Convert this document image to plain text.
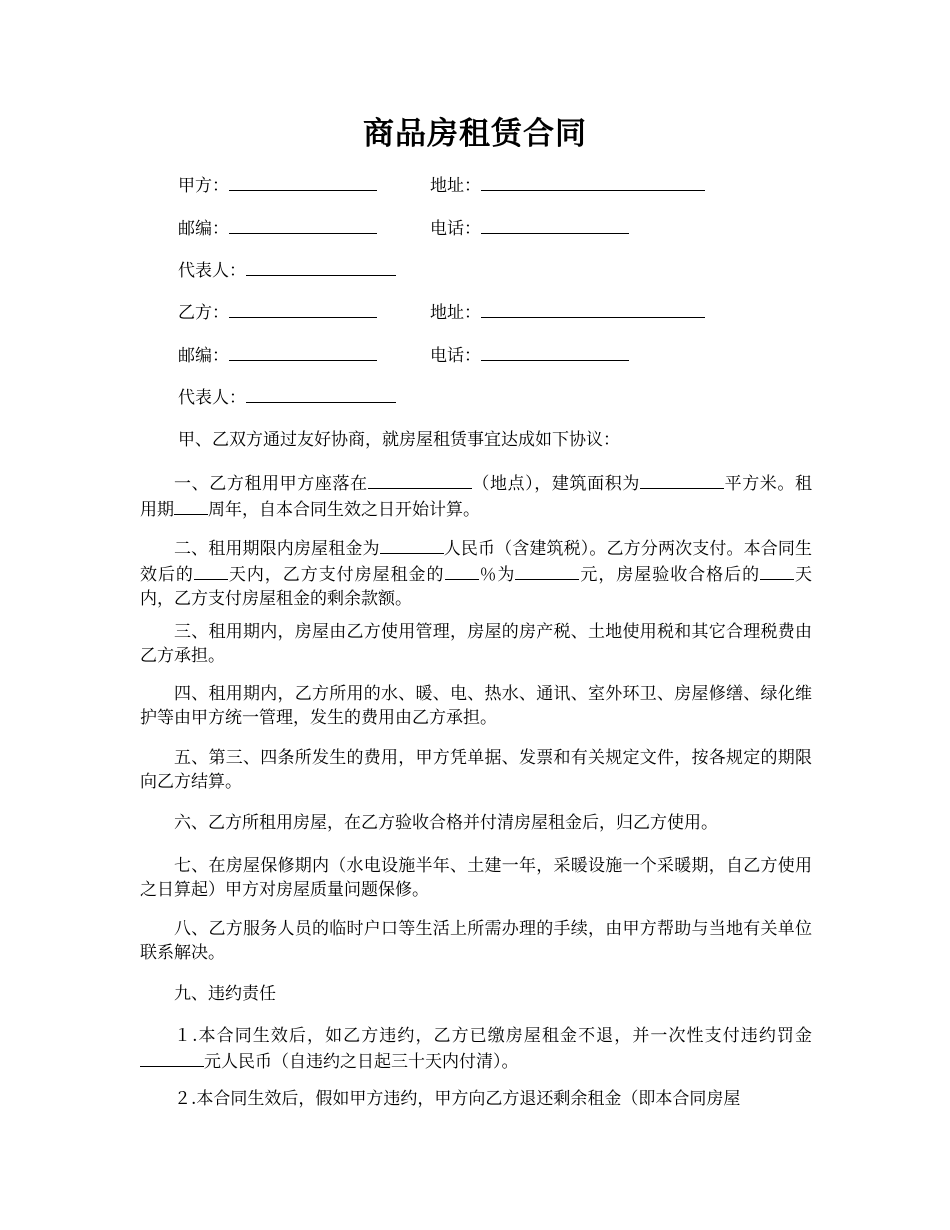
商品房租赁合同
甲方：	地址：
邮编：	电话：
代表人：
乙方：	地址：
邮编：	电话：
代表人：
甲、乙双方通过友好协商，就房屋租赁事宜达成如下协议：
一、乙方租用甲方座落在	（地点），建筑面积为	平方米。租用期 周年，自本合同生效之日开始计算。
二、租用期限内房屋租金为	人民币（含建筑税）。乙方分两次支付。本合同生效后的 天内，乙方支付房屋租金的 ％为	元，房屋验收合格后的 天内，乙方支付房屋租金的剩余款额。
三、租用期内，房屋由乙方使用管理，房屋的房产税、土地使用税和其它合理税费由乙方承担。
四、租用期内，乙方所用的水、暖、电、热水、通讯、室外环卫、房屋修缮、绿化维护等由甲方统一管理，发生的费用由乙方承担。
五、第三、四条所发生的费用，甲方凭单据、发票和有关规定文件，按各规定的期限向乙方结算。
六、乙方所租用房屋，在乙方验收合格并付清房屋租金后，归乙方使用。
七、在房屋保修期内（水电设施半年、土建一年，采暖设施一个采暖期，自乙方使用之日算起）甲方对房屋质量问题保修。
八、乙方服务人员的临时户口等生活上所需办理的手续，由甲方帮助与当地有关单位联系解决。
九、违约责任
１.本合同生效后，如乙方违约，乙方已缴房屋租金不退，并一次性支付违约罚金元人民币（自违约之日起三十天内付清）。
２.本合同生效后，假如甲方违约，甲方向乙方退还剩余租金（即本合同房屋
